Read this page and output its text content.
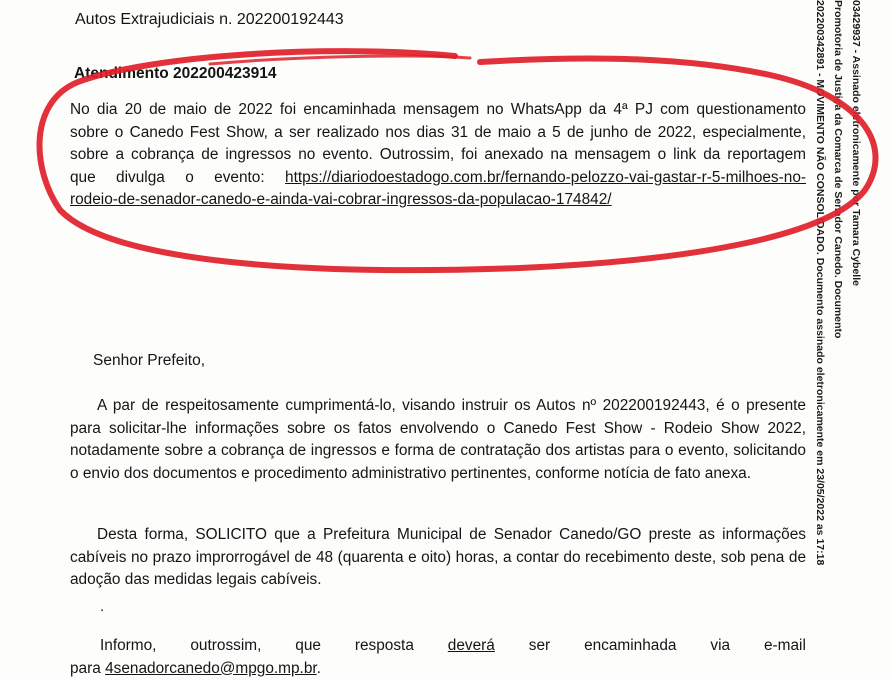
Autos Extrajudiciais n. 202200192443
Atendimento 202200423914
No dia 20 de maio de 2022 foi encaminhada mensagem no WhatsApp da 4ª PJ com questionamento
sobre o Canedo Fest Show, a ser realizado nos dias 31 de maio a 5 de junho de 2022, especialmente,
sobre a cobrança de ingressos no evento. Outrossim, foi anexado na mensagem o link da reportagem
que divulga o evento: https://diariodoestadogo.com.br/fernando-pelozzo-vai-gastar-r-5-milhoes-no-
rodeio-de-senador-canedo-e-ainda-vai-cobrar-ingressos-da-populacao-174842/
Senhor Prefeito,
A par de respeitosamente cumprimentá-lo, visando instruir os Autos nº 202200192443, é o presente para solicitar-lhe informações sobre os fatos envolvendo o Canedo Fest Show - Rodeio Show 2022, notadamente sobre a cobrança de ingressos e forma de contratação dos artistas para o evento, solicitando o envio dos documentos e procedimento administrativo pertinentes, conforme notícia de fato anexa.
Desta forma, SOLICITO que a Prefeitura Municipal de Senador Canedo/GO preste as informações cabíveis no prazo improrrogável de 48 (quarenta e oito) horas, a contar do recebimento deste, sob pena de adoção das medidas legais cabíveis.
.
Informo, outrossim, que resposta deverá ser encaminhada via e-mail
para 4senadorcanedo@mpgo.mp.br.
03429937 - Assinado eletronicamente por Tamara Cybelle
Promotoria de Justiça da Comarca de Senador Canedo. Documento
202200342891 - MOVIMENTO NÃO CONSOLIDADO. Documento assinado eletronicamente em 23/05/2022 as 17:18
